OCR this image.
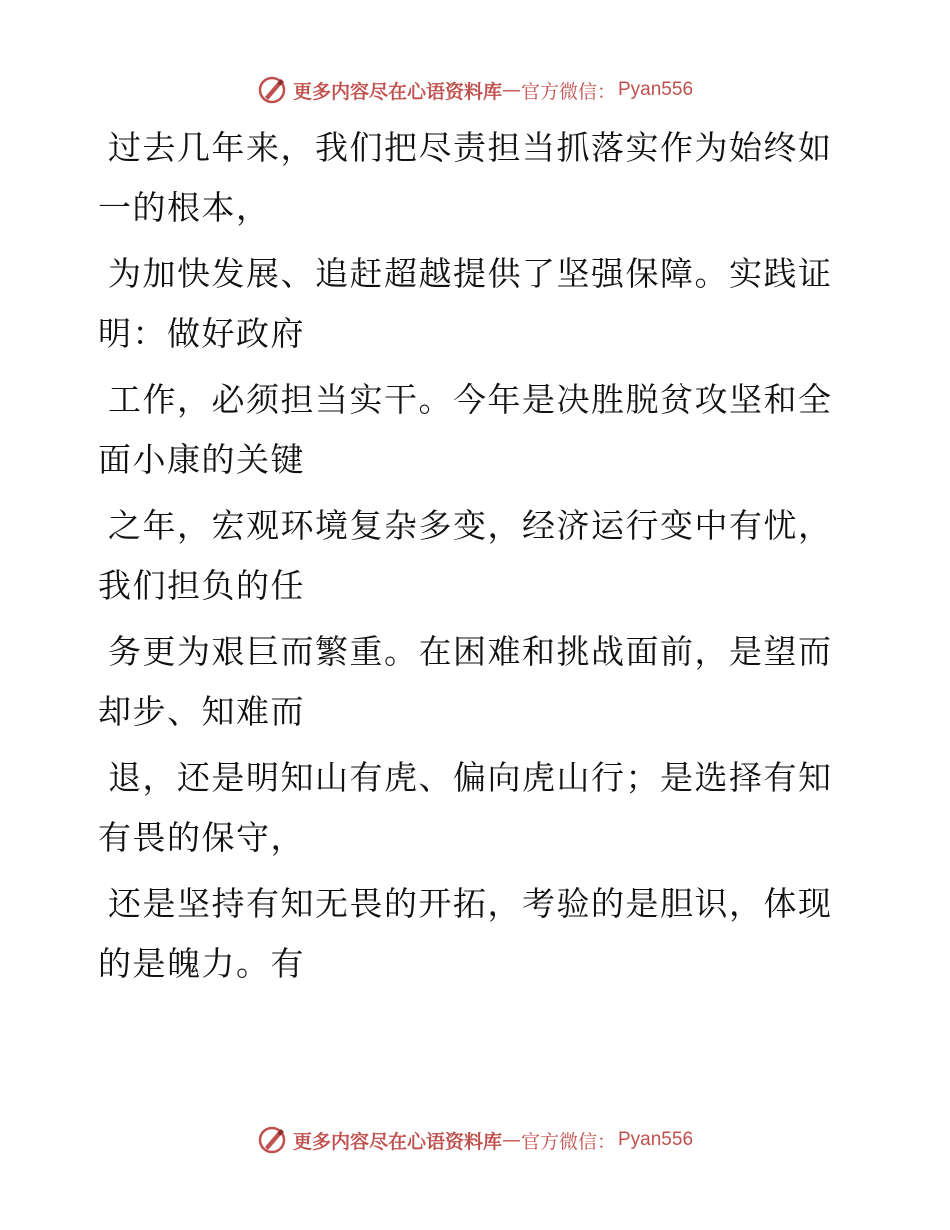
更多内容尽在心语资料库 — 官方微信： Pyan556
过去几年来，我们把尽责担当抓落实作为始终如
一的根本，
为加快发展、追赶超越提供了坚强保障。实践证
明：做好政府
工作，必须担当实干。今年是决胜脱贫攻坚和全
面小康的关键
之年，宏观环境复杂多变，经济运行变中有忧，
我们担负的任
务更为艰巨而繁重。在困难和挑战面前，是望而
却步、知难而
退，还是明知山有虎、偏向虎山行；是选择有知
有畏的保守，
还是坚持有知无畏的开拓，考验的是胆识，体现
的是魄力。有
更多内容尽在心语资料库 — 官方微信： Pyan556
